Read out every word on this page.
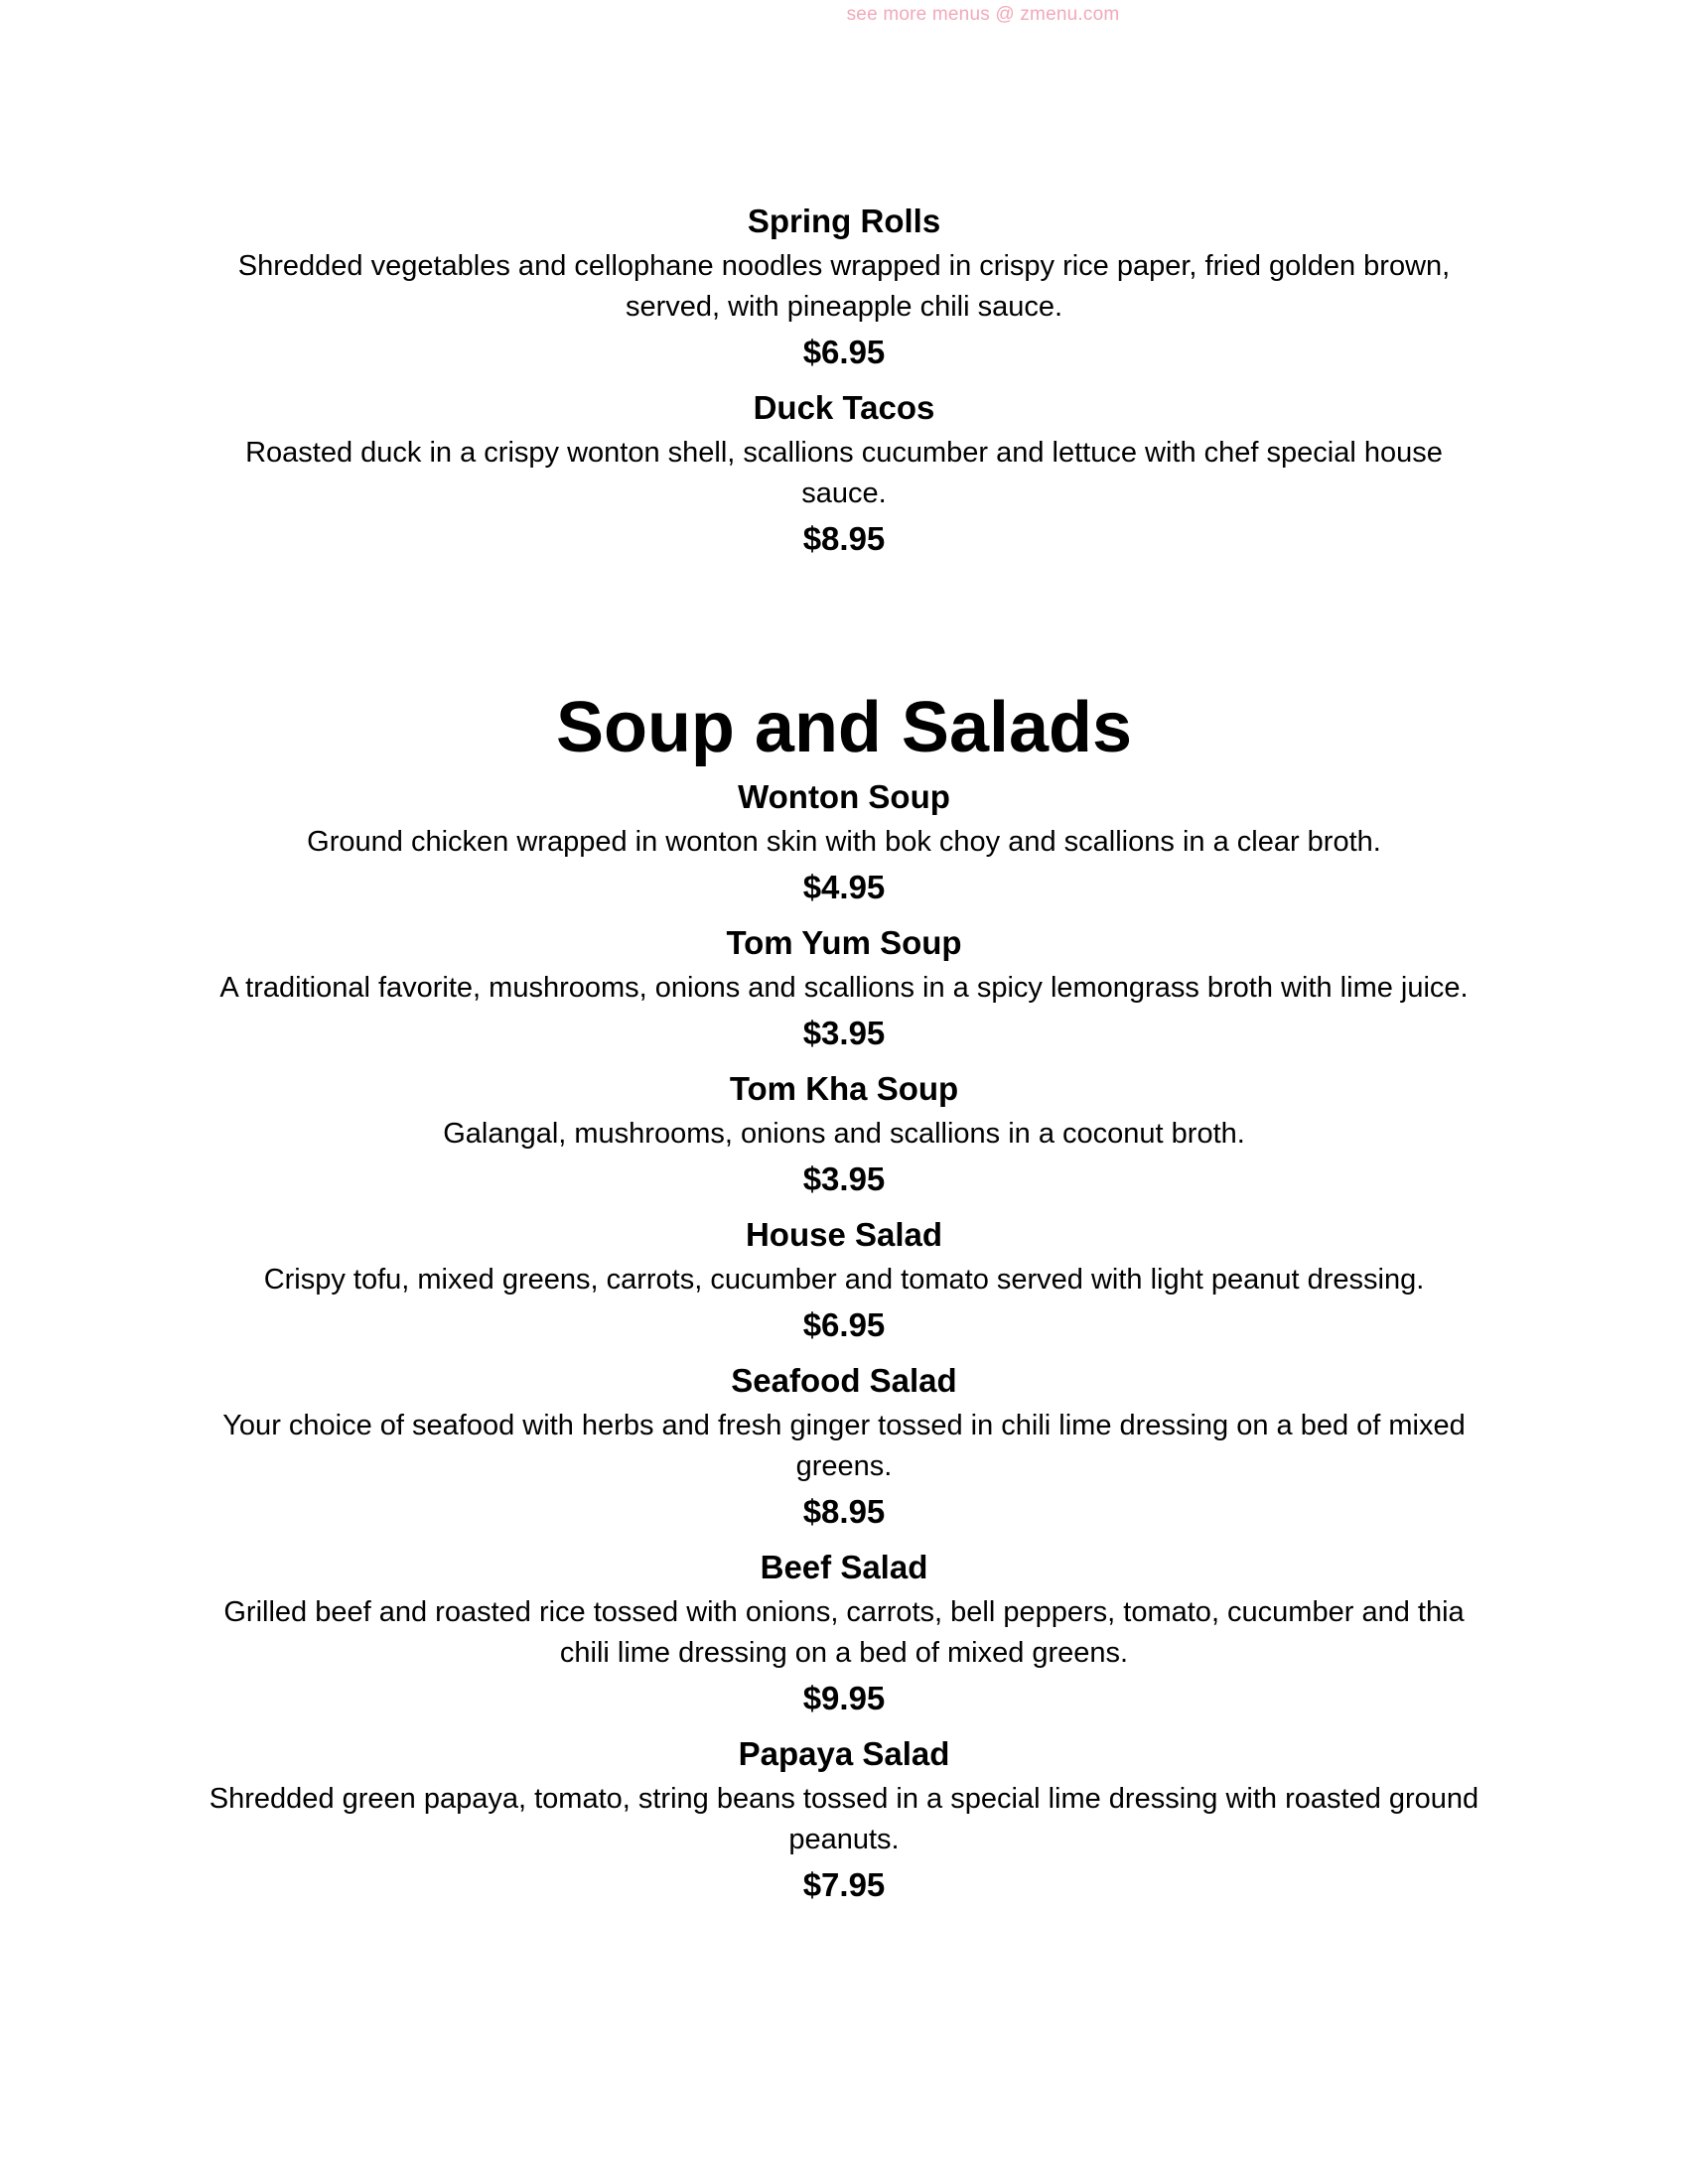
see more menus @ zmenu.com
Spring Rolls
Shredded vegetables and cellophane noodles wrapped in crispy rice paper, fried golden brown, served, with pineapple chili sauce.
$6.95
Duck Tacos
Roasted duck in a crispy wonton shell, scallions cucumber and lettuce with chef special house sauce.
$8.95
Soup and Salads
Wonton Soup
Ground chicken wrapped in wonton skin with bok choy and scallions in a clear broth.
$4.95
Tom Yum Soup
A traditional favorite, mushrooms, onions and scallions in a spicy lemongrass broth with lime juice.
$3.95
Tom Kha Soup
Galangal, mushrooms, onions and scallions in a coconut broth.
$3.95
House Salad
Crispy tofu, mixed greens, carrots, cucumber and tomato served with light peanut dressing.
$6.95
Seafood Salad
Your choice of seafood with herbs and fresh ginger tossed in chili lime dressing on a bed of mixed greens.
$8.95
Beef Salad
Grilled beef and roasted rice tossed with onions, carrots, bell peppers, tomato, cucumber and thia chili lime dressing on a bed of mixed greens.
$9.95
Papaya Salad
Shredded green papaya, tomato, string beans tossed in a special lime dressing with roasted ground peanuts.
$7.95
